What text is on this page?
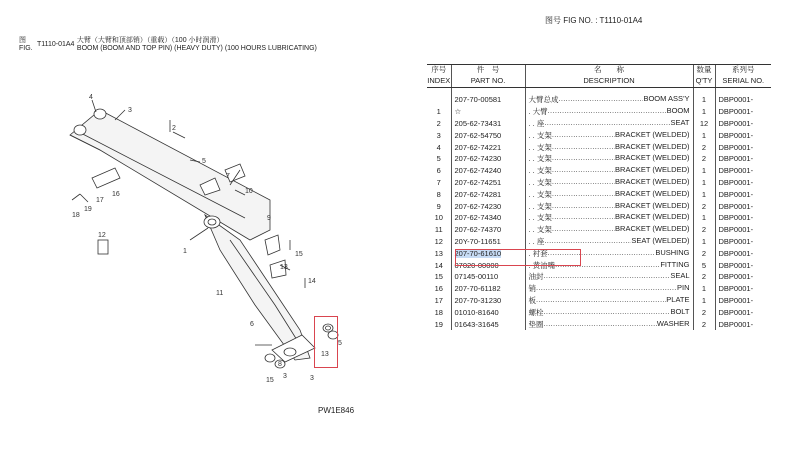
图号 FIG NO. : T1110-01A4
图
FIG. T1110-01A4 大臂（大臂和顶部销）（重载）（100 小时润滑）
BOOM (BOOM AND TOP PIN) (HEAVY DUTY) (100 HOURS LUBRICATING)
4
3
2
5
1
6
10
7
8
9
16
17
18
19
11
12
13
14
15
3
15
13
5
3
PW1E846
序号	件　号	名　　称	数量	系列号
INDEX	PART NO.	DESCRIPTION	Q'TY	SERIAL NO.
	207-70-00581	大臂总成 ..... BOOM ASS'Y	1	DBP0001-
1	☆	. 大臂 ..... BOOM	1	DBP0001-
2	205-62-73431	. . 座 ..... SEAT	12	DBP0001-
3	207-62-54750	. . 支架 ..... BRACKET (WELDED)	1	DBP0001-
4	207-62-74221	. . 支架 ..... BRACKET (WELDED)	2	DBP0001-
5	207-62-74230	. . 支架 ..... BRACKET (WELDED)	2	DBP0001-
6	207-62-74240	. . 支架 ..... BRACKET (WELDED)	1	DBP0001-
7	207-62-74251	. . 支架 ..... BRACKET (WELDED)	1	DBP0001-
8	207-62-74281	. . 支架 ..... BRACKET (WELDED)	1	DBP0001-
9	207-62-74230	. . 支架 ..... BRACKET (WELDED)	2	DBP0001-
10	207-62-74340	. . 支架 ..... BRACKET (WELDED)	1	DBP0001-
11	207-62-74370	. . 支架 ..... BRACKET (WELDED)	2	DBP0001-
12	20Y-70-11651	. . 座 ..... SEAT (WELDED)	1	DBP0001-
13	207-70-61610	. 衬套 ..... BUSHING	2	DBP0001-
14	07020-00000	. 黄油嘴 ..... FITTING	5	DBP0001-
15	07145-00110	油封 ..... SEAL	2	DBP0001-
16	207-70-61182	销 ..... PIN	1	DBP0001-
17	207-70-31230	板 ..... PLATE	1	DBP0001-
18	01010-81640	螺栓 ..... BOLT	2	DBP0001-
19	01643-31645	垫圈 ..... WASHER	2	DBP0001-
